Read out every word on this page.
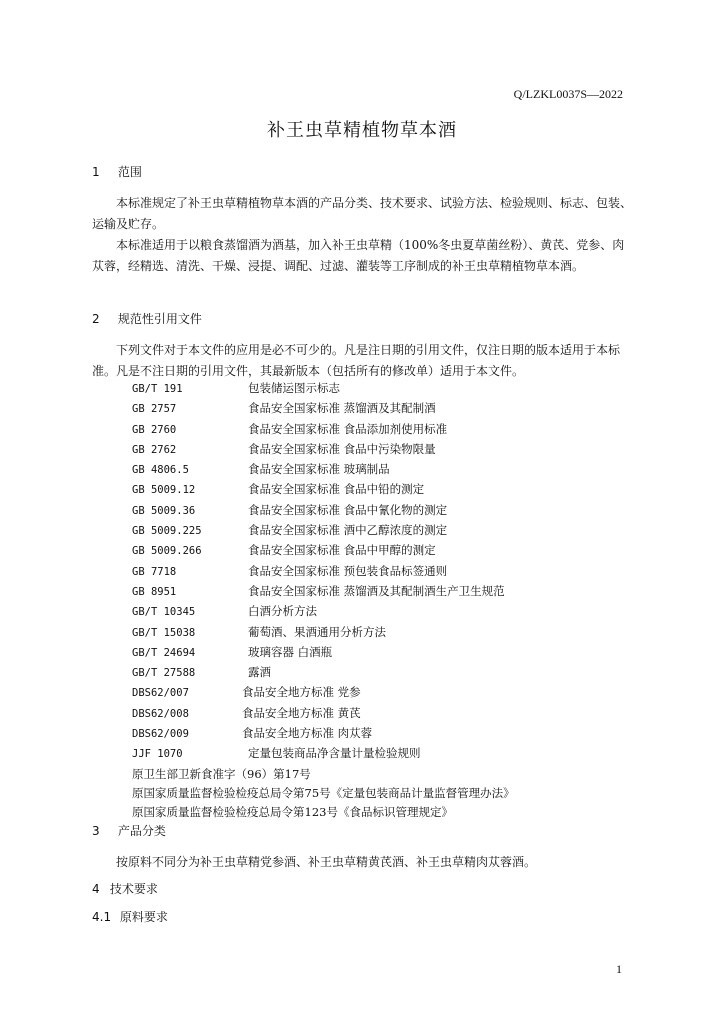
Q/LZKL0037S—2022
补王虫草精植物草本酒
1 范围
本标准规定了补王虫草精植物草本酒的产品分类、技术要求、试验方法、检验规则、标志、包装、运输及贮存。
本标准适用于以粮食蒸馏酒为酒基，加入补王虫草精（100%冬虫夏草菌丝粉）、黄芪、党参、肉苁蓉，经精选、清洗、干燥、浸提、调配、过滤、灌装等工序制成的补王虫草精植物草本酒。
2 规范性引用文件
下列文件对于本文件的应用是必不可少的。凡是注日期的引用文件，仅注日期的版本适用于本标准。凡是不注日期的引用文件，其最新版本（包括所有的修改单）适用于本文件。
GB/T 191	包装储运图示标志
GB 2757	食品安全国家标准 蒸馏酒及其配制酒
GB 2760	食品安全国家标准 食品添加剂使用标准
GB 2762	食品安全国家标准 食品中污染物限量
GB 4806.5	食品安全国家标准 玻璃制品
GB 5009.12	食品安全国家标准 食品中铅的测定
GB 5009.36	食品安全国家标准 食品中氰化物的测定
GB 5009.225	食品安全国家标准 酒中乙醇浓度的测定
GB 5009.266	食品安全国家标准 食品中甲醇的测定
GB 7718	食品安全国家标准 预包装食品标签通则
GB 8951	食品安全国家标准 蒸馏酒及其配制酒生产卫生规范
GB/T 10345	白酒分析方法
GB/T 15038	葡萄酒、果酒通用分析方法
GB/T 24694	玻璃容器 白酒瓶
GB/T 27588	露酒
DBS62/007	食品安全地方标准 党参
DBS62/008	食品安全地方标准 黄芪
DBS62/009	食品安全地方标准 肉苁蓉
JJF 1070	定量包装商品净含量计量检验规则
原卫生部卫新食准字（96）第17号
原国家质量监督检验检疫总局令第75号《定量包装商品计量监督管理办法》
原国家质量监督检验检疫总局令第123号《食品标识管理规定》
3 产品分类
按原料不同分为补王虫草精党参酒、补王虫草精黄芪酒、补王虫草精肉苁蓉酒。
4 技术要求
4.1 原料要求
1
